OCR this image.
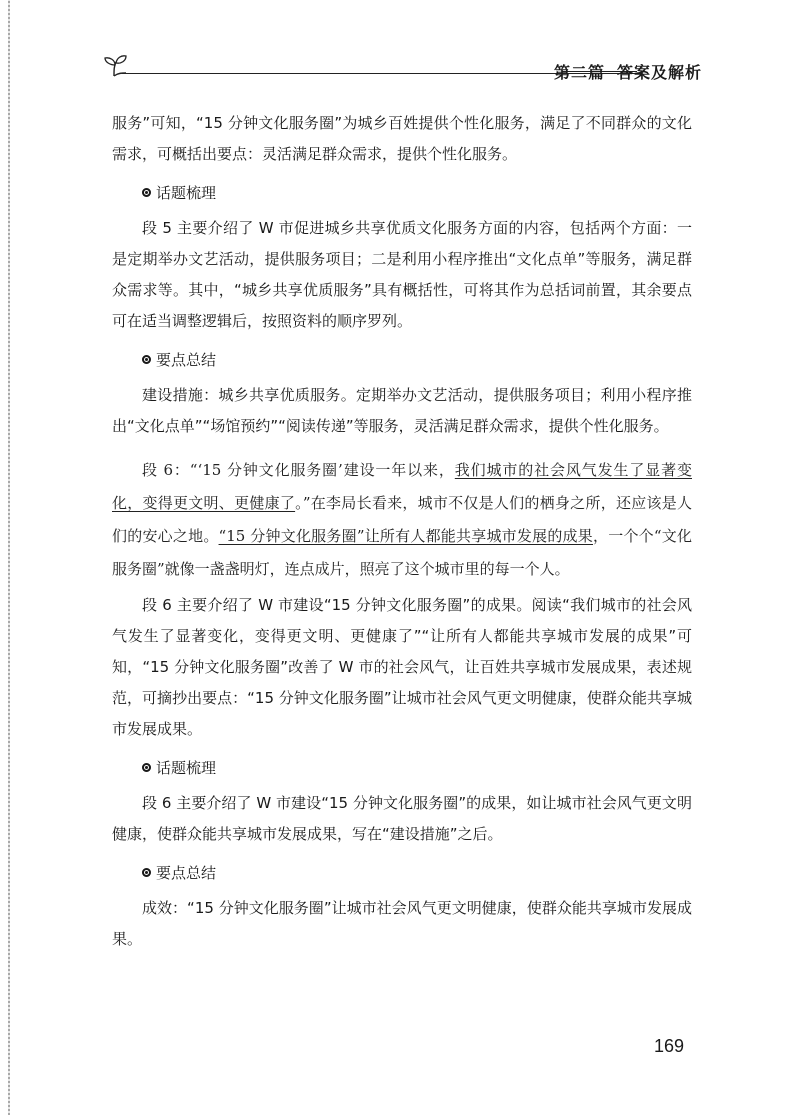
第二篇 答案及解析

服务”可知，“15 分钟文化服务圈”为城乡百姓提供个性化服务，满足了不同群众的文化需求，可概括出要点：灵活满足群众需求，提供个性化服务。

话题梳理

段 5 主要介绍了 W 市促进城乡共享优质文化服务方面的内容，包括两个方面：一是定期举办文艺活动，提供服务项目；二是利用小程序推出“文化点单”等服务，满足群众需求等。其中，“城乡共享优质服务”具有概括性，可将其作为总括词前置，其余要点可在适当调整逻辑后，按照资料的顺序罗列。

要点总结

建设措施：城乡共享优质服务。定期举办文艺活动，提供服务项目；利用小程序推出“文化点单”“场馆预约”“阅读传递”等服务，灵活满足群众需求，提供个性化服务。

段 6：“‘15 分钟文化服务圈’建设一年以来，我们城市的社会风气发生了显著变化，变得更文明、更健康了。”在李局长看来，城市不仅是人们的栖身之所，还应该是人们的安心之地。“15 分钟文化服务圈”让所有人都能共享城市发展的成果，一个个“文化服务圈”就像一盏盏明灯，连点成片，照亮了这个城市里的每一个人。

段 6 主要介绍了 W 市建设“15 分钟文化服务圈”的成果。阅读“我们城市的社会风气发生了显著变化，变得更文明、更健康了”“让所有人都能共享城市发展的成果”可知，“15 分钟文化服务圈”改善了 W 市的社会风气，让百姓共享城市发展成果，表述规范，可摘抄出要点：“15 分钟文化服务圈”让城市社会风气更文明健康，使群众能共享城市发展成果。

话题梳理

段 6 主要介绍了 W 市建设“15 分钟文化服务圈”的成果，如让城市社会风气更文明健康，使群众能共享城市发展成果，写在“建设措施”之后。

要点总结

成效：“15 分钟文化服务圈”让城市社会风气更文明健康，使群众能共享城市发展成果。

169
